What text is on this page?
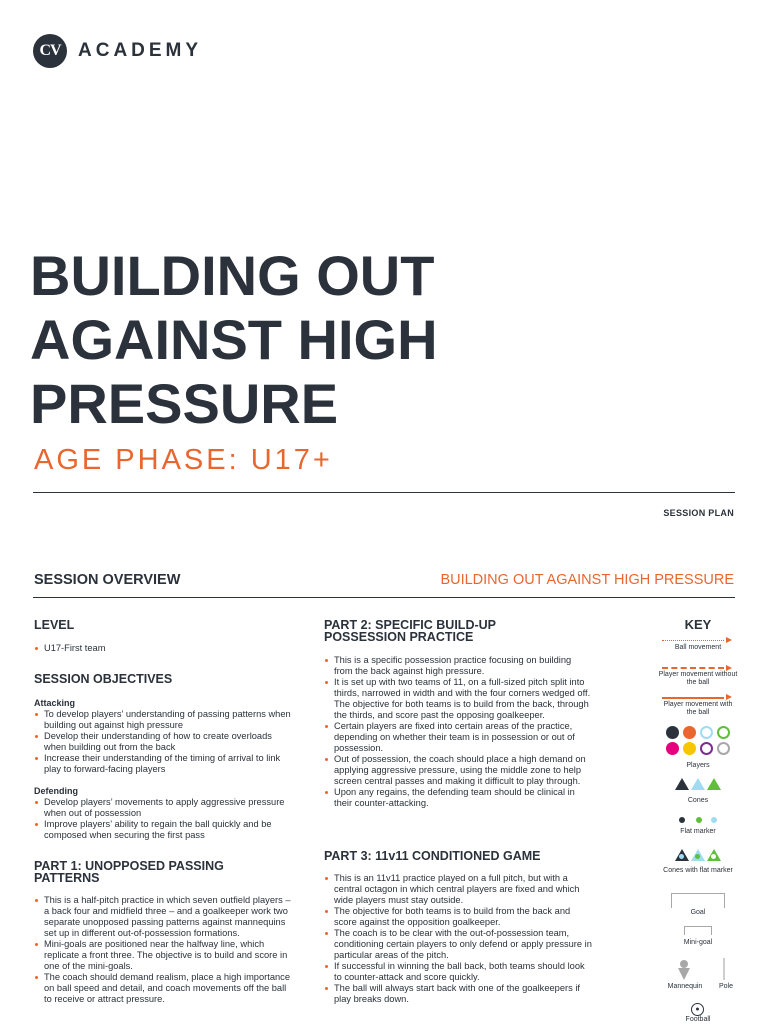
CV ACADEMY
BUILDING OUT
AGAINST HIGH
PRESSURE
AGE PHASE: U17+
SESSION PLAN
SESSION OVERVIEW	BUILDING OUT AGAINST HIGH PRESSURE
LEVEL
U17-First team
SESSION OBJECTIVES
Attacking
To develop players’ understanding of passing patterns when building out against high pressure
Develop their understanding of how to create overloads when building out from the back
Increase their understanding of the timing of arrival to link play to forward-facing players
Defending
Develop players’ movements to apply aggressive pressure when out of possession
Improve players’ ability to regain the ball quickly and be composed when securing the first pass
PART 1: UNOPPOSED PASSING PATTERNS
This is a half-pitch practice in which seven outfield players – a back four and midfield three – and a goalkeeper work two separate unopposed passing patterns against mannequins set up in different out-of-possession formations.
Mini-goals are positioned near the halfway line, which replicate a front three. The objective is to build and score in one of the mini-goals.
The coach should demand realism, place a high importance on ball speed and detail, and coach movements off the ball to receive or attract pressure.
PART 2: SPECIFIC BUILD-UP POSSESSION PRACTICE
This is a specific possession practice focusing on building from the back against high pressure.
It is set up with two teams of 11, on a full-sized pitch split into thirds, narrowed in width and with the four corners wedged off. The objective for both teams is to build from the back, through the thirds, and score past the opposing goalkeeper.
Certain players are fixed into certain areas of the practice, depending on whether their team is in possession or out of possession.
Out of possession, the coach should place a high demand on applying aggressive pressure, using the middle zone to help screen central passes and making it difficult to play through.
Upon any regains, the defending team should be clinical in their counter-attacking.
PART 3: 11v11 CONDITIONED GAME
This is an 11v11 practice played on a full pitch, but with a central octagon in which central players are fixed and which wide players must stay outside.
The objective for both teams is to build from the back and score against the opposition goalkeeper.
The coach is to be clear with the out-of-possession team, conditioning certain players to only defend or apply pressure in particular areas of the pitch.
If successful in winning the ball back, both teams should look to counter-attack and score quickly.
The ball will always start back with one of the goalkeepers if play breaks down.
KEY
Ball movement
Player movement without the ball
Player movement with the ball
Players
Cones
Flat marker
Cones with flat marker
Goal
Mini-goal
Mannequin	Pole
●
Football
